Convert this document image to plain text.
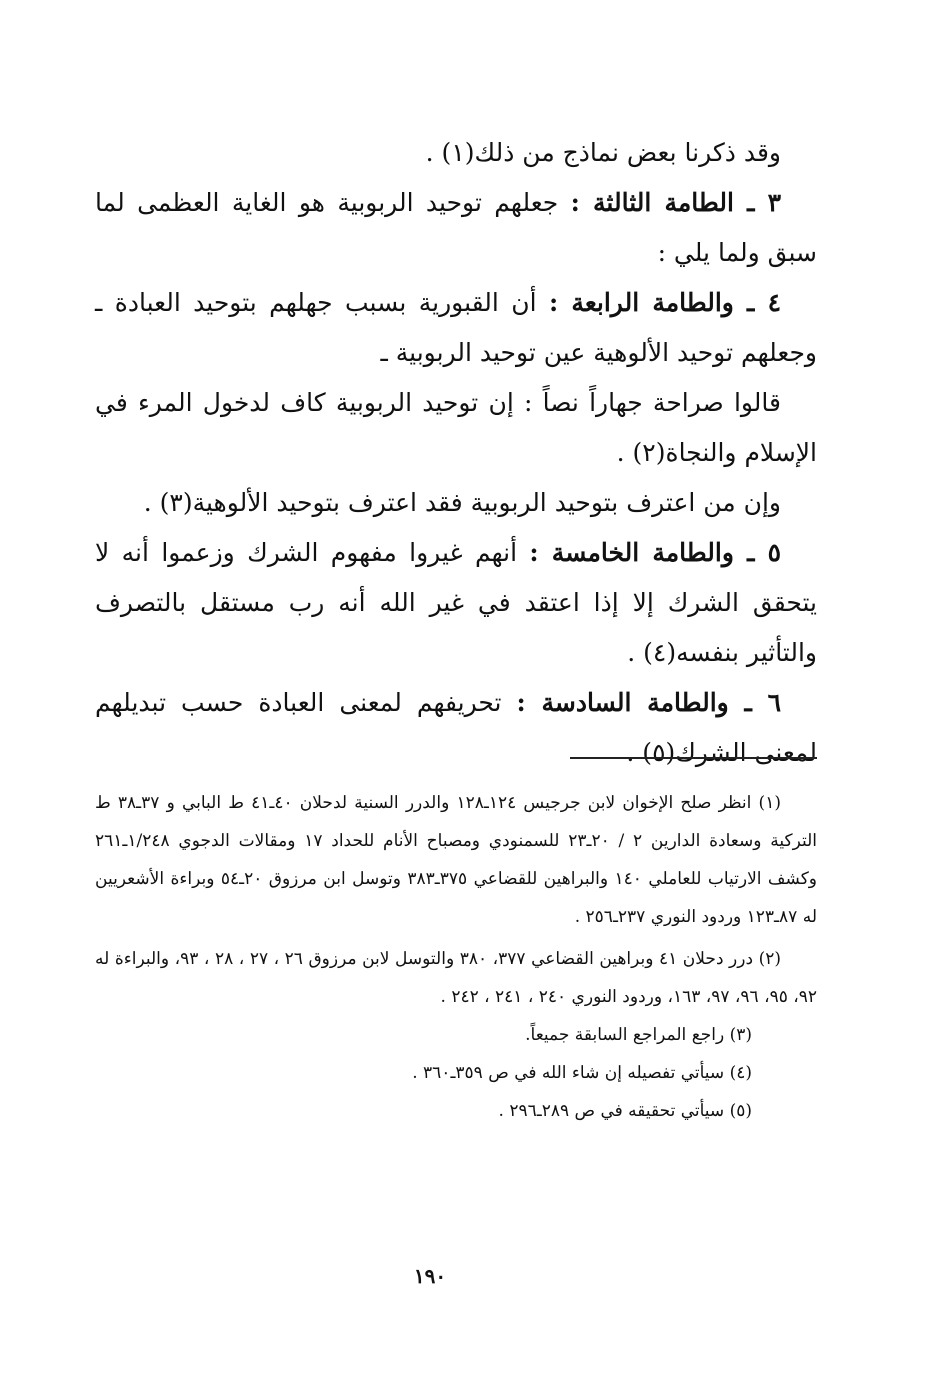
وقد ذكرنا بعض نماذج من ذلك(١) .

٣ ـ الطامة الثالثة : جعلهم توحيد الربوبية هو الغاية العظمى لما سبق ولما يلي :

٤ ـ والطامة الرابعة : أن القبورية بسبب جهلهم بتوحيد العبادة ـ وجعلهم توحيد الألوهية عين توحيد الربوبية ـ

قالوا صراحة جهاراً نصاً : إن توحيد الربوبية كاف لدخول المرء في الإسلام والنجاة(٢) .

وإن من اعترف بتوحيد الربوبية فقد اعترف بتوحيد الألوهية(٣) .

٥ ـ والطامة الخامسة : أنهم غيروا مفهوم الشرك وزعموا أنه لا يتحقق الشرك إلا إذا اعتقد في غير الله أنه رب مستقل بالتصرف والتأثير بنفسه(٤) .

٦ ـ والطامة السادسة : تحريفهم لمعنى العبادة حسب تبديلهم لمعنى الشرك(٥) .

(١) انظر صلح الإخوان لابن جرجيس ١٢٤ـ١٢٨ والدرر السنية لدحلان ٤٠ـ٤١ ط البابي و ٣٧ـ٣٨ ط التركية وسعادة الدارين ٢ / ٢٠ـ٢٣ للسمنودي ومصباح الأنام للحداد ١٧ ومقالات الدجوي ١/٢٤٨ـ٢٦١ وكشف الارتياب للعاملي ١٤٠ والبراهين للقضاعي ٣٧٥ـ٣٨٣ وتوسل ابن مرزوق ٢٠ـ٥٤ وبراءة الأشعريين له ٨٧ـ١٢٣ وردود النوري ٢٣٧ـ٢٥٦ .

(٢) درر دحلان ٤١ وبراهين القضاعي ٣٧٧، ٣٨٠ والتوسل لابن مرزوق ٢٦ ، ٢٧ ، ٢٨ ، ٩٣، والبراءة له ٩٢، ٩٥، ٩٦، ٩٧، ١٦٣، وردود النوري ٢٤٠ ، ٢٤١ ، ٢٤٢ .

(٣) راجع المراجع السابقة جميعاً.

(٤) سيأتي تفصيله إن شاء الله في ص ٣٥٩ـ٣٦٠ .

(٥) سيأتي تحقيقه في ص ٢٨٩ـ٢٩٦ .

١٩٠
